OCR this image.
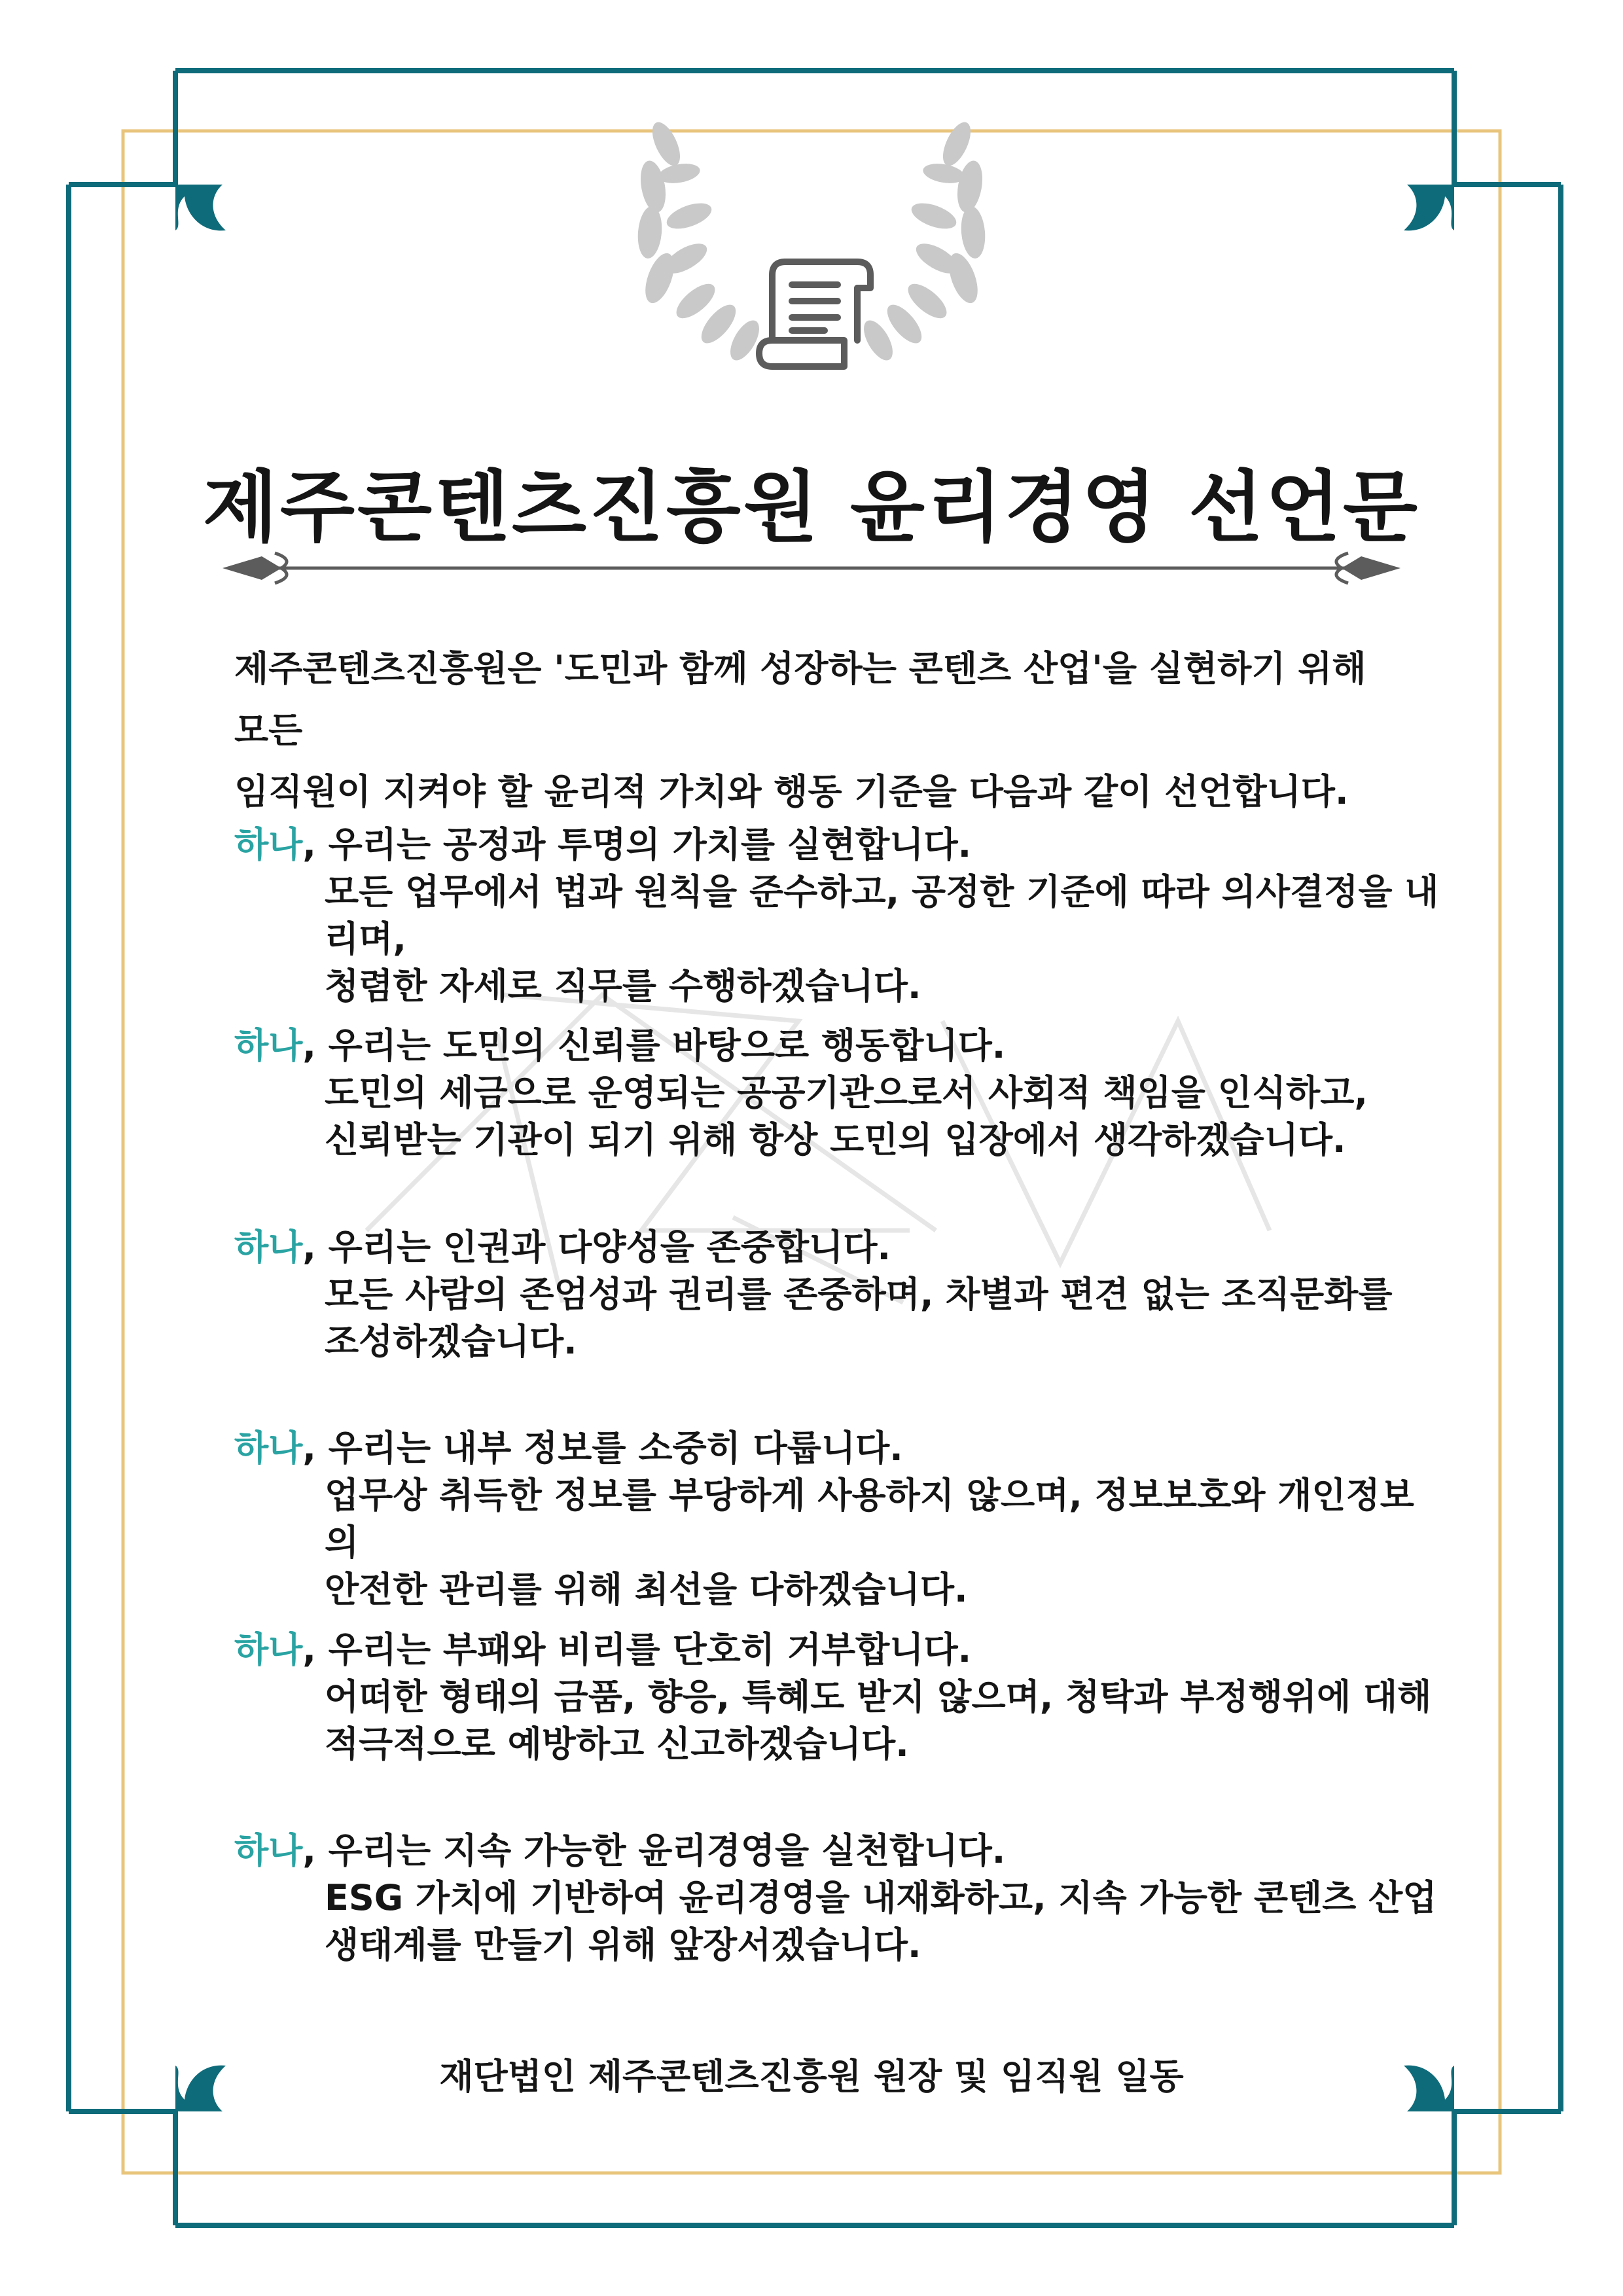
제주콘텐츠진흥원 윤리경영 선언문
제주콘텐츠진흥원은 '도민과 함께 성장하는 콘텐츠 산업'을 실현하기 위해 모든
임직원이 지켜야 할 윤리적 가치와 행동 기준을 다음과 같이 선언합니다.
하나, 우리는 공정과 투명의 가치를 실현합니다.
모든 업무에서 법과 원칙을 준수하고, 공정한 기준에 따라 의사결정을 내리며,
청렴한 자세로 직무를 수행하겠습니다.
하나, 우리는 도민의 신뢰를 바탕으로 행동합니다.
도민의 세금으로 운영되는 공공기관으로서 사회적 책임을 인식하고,
신뢰받는 기관이 되기 위해 항상 도민의 입장에서 생각하겠습니다.
하나, 우리는 인권과 다양성을 존중합니다.
모든 사람의 존엄성과 권리를 존중하며, 차별과 편견 없는 조직문화를
조성하겠습니다.
하나, 우리는 내부 정보를 소중히 다룹니다.
업무상 취득한 정보를 부당하게 사용하지 않으며, 정보보호와 개인정보의
안전한 관리를 위해 최선을 다하겠습니다.
하나, 우리는 부패와 비리를 단호히 거부합니다.
어떠한 형태의 금품, 향응, 특혜도 받지 않으며, 청탁과 부정행위에 대해
적극적으로 예방하고 신고하겠습니다.
하나, 우리는 지속 가능한 윤리경영을 실천합니다.
ESG 가치에 기반하여 윤리경영을 내재화하고, 지속 가능한 콘텐츠 산업
생태계를 만들기 위해 앞장서겠습니다.

재단법인 제주콘텐츠진흥원 원장 및 임직원 일동
